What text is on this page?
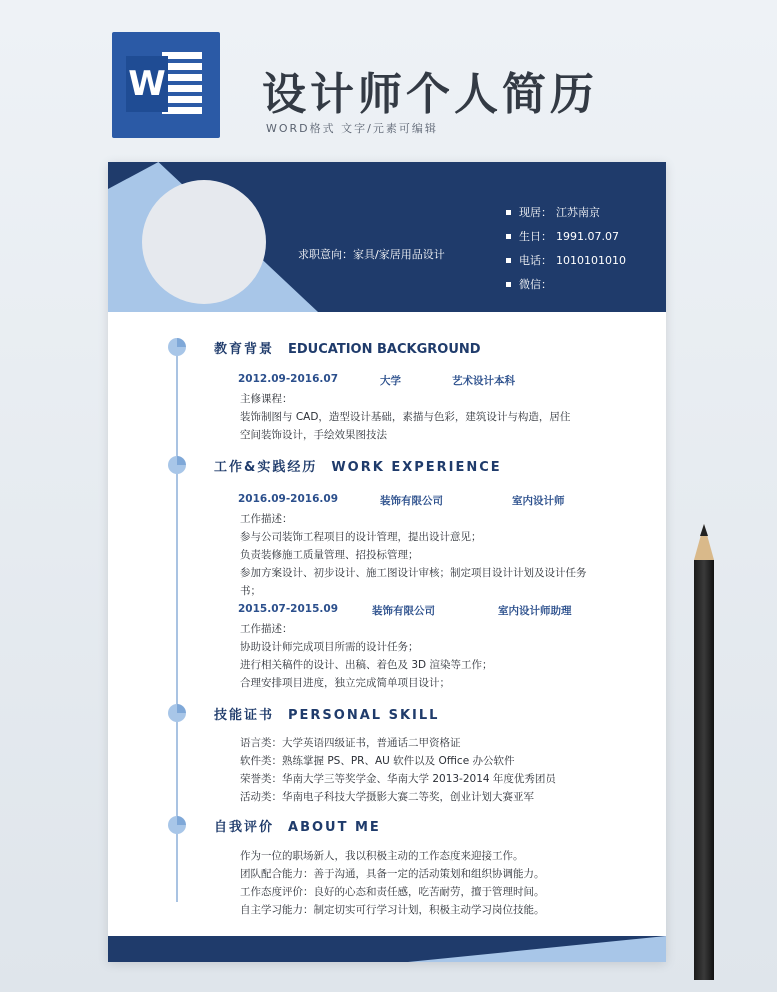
W 设计师个人简历
WORD格式 文字/元素可编辑
求职意向：家具/家居用品设计
现居： 江苏南京
生日： 1991.07.07
电话： 1010101010
微信：
教育背景 EDUCATION BACKGROUND
2012.09-2016.07	大学	艺术设计本科
主修课程：
装饰制图与 CAD，造型设计基础，素描与色彩，建筑设计与构造，居住
空间装饰设计，手绘效果图技法
工作&实践经历 WORK EXPERIENCE
2016.09-2016.09	装饰有限公司	室内设计师
工作描述：
参与公司装饰工程项目的设计管理，提出设计意见；
负责装修施工质量管理、招投标管理；
参加方案设计、初步设计、施工图设计审核；制定项目设计计划及设计任务
书；
2015.07-2015.09	装饰有限公司	室内设计师助理
工作描述：
协助设计师完成项目所需的设计任务；
进行相关稿件的设计、出稿、着色及 3D 渲染等工作；
合理安排项目进度，独立完成简单项目设计；
技能证书 PERSONAL SKILL
语言类：大学英语四级证书，普通话二甲资格证
软件类：熟练掌握 PS、PR、AU 软件以及 Office 办公软件
荣誉类：华南大学三等奖学金、华南大学 2013-2014 年度优秀团员
活动类：华南电子科技大学摄影大赛二等奖，创业计划大赛亚军
自我评价 ABOUT ME
作为一位的职场新人，我以积极主动的工作态度来迎接工作。
团队配合能力：善于沟通，具备一定的活动策划和组织协调能力。
工作态度评价：良好的心态和责任感，吃苦耐劳，擅于管理时间。
自主学习能力：制定切实可行学习计划，积极主动学习岗位技能。
